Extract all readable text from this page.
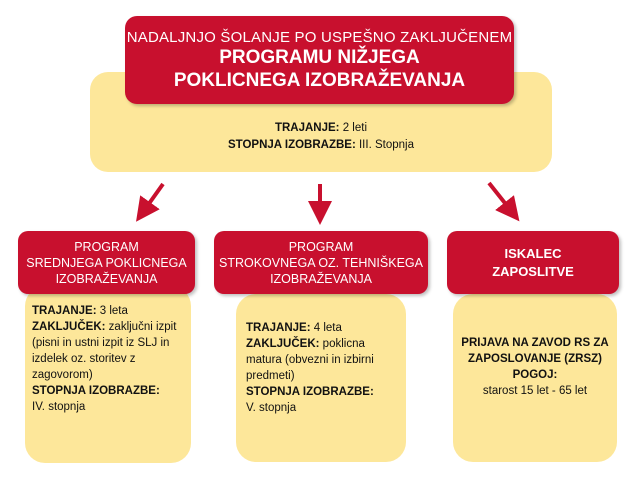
TRAJANJE: 2 leti
STOPNJA IZOBRAZBE: III. Stopnja
NADALJNJO ŠOLANJE PO USPEŠNO ZAKLJUČENEM
PROGRAMU NIŽJEGA
POKLICNEGA IZOBRAŽEVANJA
TRAJANJE: 3 leta
ZAKLJUČEK: zaključni izpit (pisni in ustni izpit iz SLJ in izdelek oz. storitev z zagovorom)
STOPNJA IZOBRAZBE:
IV. stopnja
PROGRAM
SREDNJEGA POKLICNEGA
IZOBRAŽEVANJA
TRAJANJE: 4 leta
ZAKLJUČEK: poklicna matura (obvezni in izbirni predmeti)
STOPNJA IZOBRAZBE:
V. stopnja
PROGRAM
STROKOVNEGA OZ. TEHNIŠKEGA
IZOBRAŽEVANJA
PRIJAVA NA ZAVOD RS ZA ZAPOSLOVANJE (ZRSZ)
POGOJ:
starost 15 let - 65 let
ISKALEC
ZAPOSLITVE
